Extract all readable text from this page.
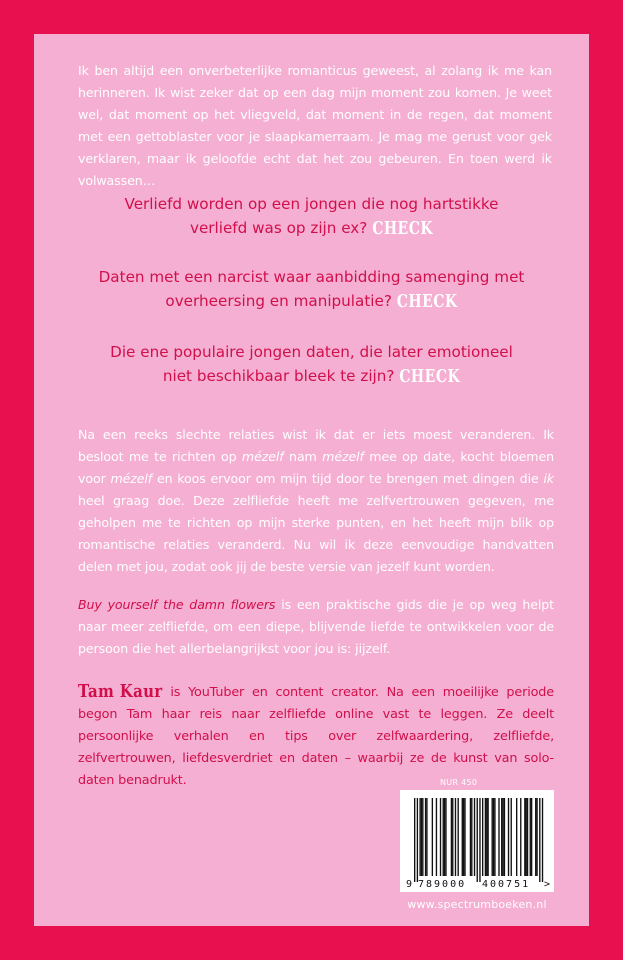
Ik ben altijd een onverbeterlijke romanticus geweest, al zolang ik me kan herinneren. Ik wist zeker dat op een dag mijn moment zou komen. Je weet wel, dat moment op het vliegveld, dat moment in de regen, dat moment met een gettoblaster voor je slaapkamerraam. Je mag me gerust voor gek verklaren, maar ik geloofde echt dat het zou gebeuren. En toen werd ik volwassen…

Verliefd worden op een jongen die nog hartstikke
verliefd was op zijn ex? CHECK

Daten met een narcist waar aanbidding samenging met
overheersing en manipulatie? CHECK

Die ene populaire jongen daten, die later emotioneel
niet beschikbaar bleek te zijn? CHECK

Na een reeks slechte relaties wist ik dat er iets moest veranderen. Ik besloot me te richten op mézelf nam mézelf mee op date, kocht bloemen voor mézelf en koos ervoor om mijn tijd door te brengen met dingen die ik heel graag doe. Deze zelfliefde heeft me zelfvertrouwen gegeven, me geholpen me te richten op mijn sterke punten, en het heeft mijn blik op romantische relaties veranderd. Nu wil ik deze eenvoudige handvatten delen met jou, zodat ook jij de beste versie van jezelf kunt worden.

Buy yourself the damn flowers is een praktische gids die je op weg helpt naar meer zelfliefde, om een diepe, blijvende liefde te ontwikkelen voor de persoon die het allerbelangrijkst voor jou is: jijzelf.

Tam Kaur is YouTuber en content creator. Na een moeilijke periode begon Tam haar reis naar zelfliefde online vast te leggen. Ze deelt persoonlijke verhalen en tips over zelfwaardering, zelfliefde, zelfvertrouwen, liefdesverdriet en daten – waarbij ze de kunst van solo-daten benadrukt.	NUR 450
9 789000 400751 >
www.spectrumboeken.nl
